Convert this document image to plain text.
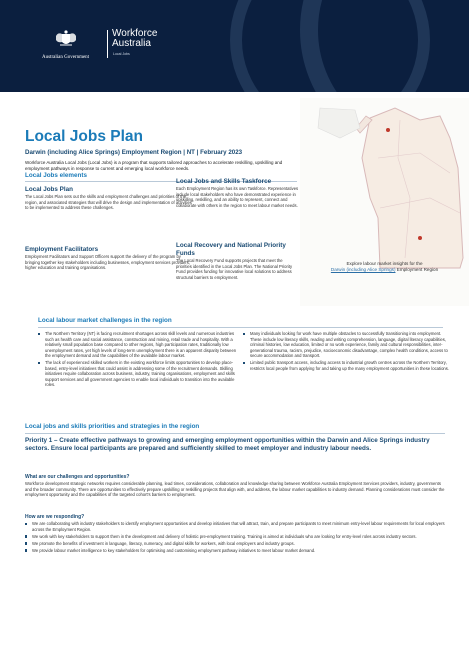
Australian Government
Workforce
Australia
Local Jobs
Explore labour market insights for the
Darwin (including Alice Springs) Employment Region
Local Jobs Plan
Darwin (including Alice Springs) Employment Region | NT | February 2023
Workforce Australia Local Jobs (Local Jobs) is a program that supports tailored approaches to accelerate reskilling, upskilling and employment pathways in response to current and emerging local workforce needs.
Local Jobs elements
Local Jobs Plan
The Local Jobs Plan sets out the skills and employment challenges and priorities of the region, and associated strategies that will drive the design and implementation of activities to be implemented to address these challenges.
Employment Facilitators
Employment Facilitators and Support Officers support the delivery of the program by bringing together key stakeholders including businesses, employment services providers, higher education and training organisations.
Local Jobs and Skills Taskforce
Each Employment Region has its own Taskforce. Representatives include local stakeholders who have demonstrated experience in upskilling, reskilling, and an ability to represent, connect and collaborate with others in the region to meet labour market needs.
Local Recovery and National Priority Funds
The Local Recovery Fund supports projects that meet the priorities identified in the Local Jobs Plan. The National Priority Fund provides funding for innovative local solutions to address structural barriers to employment.
Local labour market challenges in the region
The Northern Territory (NT) is facing recruitment shortages across skill levels and numerous industries such as health care and social assistance, construction and mining, retail trade and hospitality. With a relatively small population base compared to other regions, high participation rates, traditionally low unemployment rates, yet high levels of long-term unemployment there is an apparent disparity between the employment demand and the capabilities of the available labour market.
The lack of experienced skilled workers in the existing workforce limits opportunities to develop place-based, entry-level initiatives that could assist in addressing some of the recruitment demands. Skilling initiatives require collaboration across business, industry, training organisations, employment and skills support services and all government agencies to enable local individuals to transition into the available roles.
Many individuals looking for work have multiple obstacles to successfully transitioning into employment. These include low literacy skills, reading and writing comprehension, language, digital literacy capabilities, criminal histories, low education, limited or no work experience, family and cultural responsibilities, inter-generational trauma, racism, prejudice, socioeconomic disadvantage, complex health conditions, access to secure accommodation and transport.
Limited public transport access, including access to industrial growth centres across the Northern Territory, restricts local people from applying for and taking up the many employment opportunities in these locations.
Local jobs and skills priorities and strategies in the region
Priority 1 – Create effective pathways to growing and emerging employment opportunities within the Darwin and Alice Springs industry sectors. Ensure local participants are prepared and sufficiently skilled to meet employer and industry labour needs.
What are our challenges and opportunities?
Workforce development strategic networks requires considerable planning, lead times, considerations, collaboration and knowledge sharing between Workforce Australia Employment Services providers, industry, governments and the broader community. There are opportunities to effectively prepare upskilling or reskilling projects that align with, and address, the labour market capabilities to industry demand. Planning considerations must consider the employment opportunity and the capabilities of the targeted cohort's barriers to employment.
How are we responding?
We are collaborating with industry stakeholders to identify employment opportunities and develop initiatives that will attract, train, and prepare participants to meet minimum entry-level labour requirements for local employers across the Employment Region.
We work with key stakeholders to support them in the development and delivery of holistic pre-employment training. Training is aimed at individuals who are looking for entry-level roles across industry sectors.
We promote the benefits of investment in language, literacy, numeracy, and digital skills for workers, with local employers and industry groups.
We provide labour market intelligence to key stakeholders for optimising and customising employment pathway initiatives to meet labour market demand.
